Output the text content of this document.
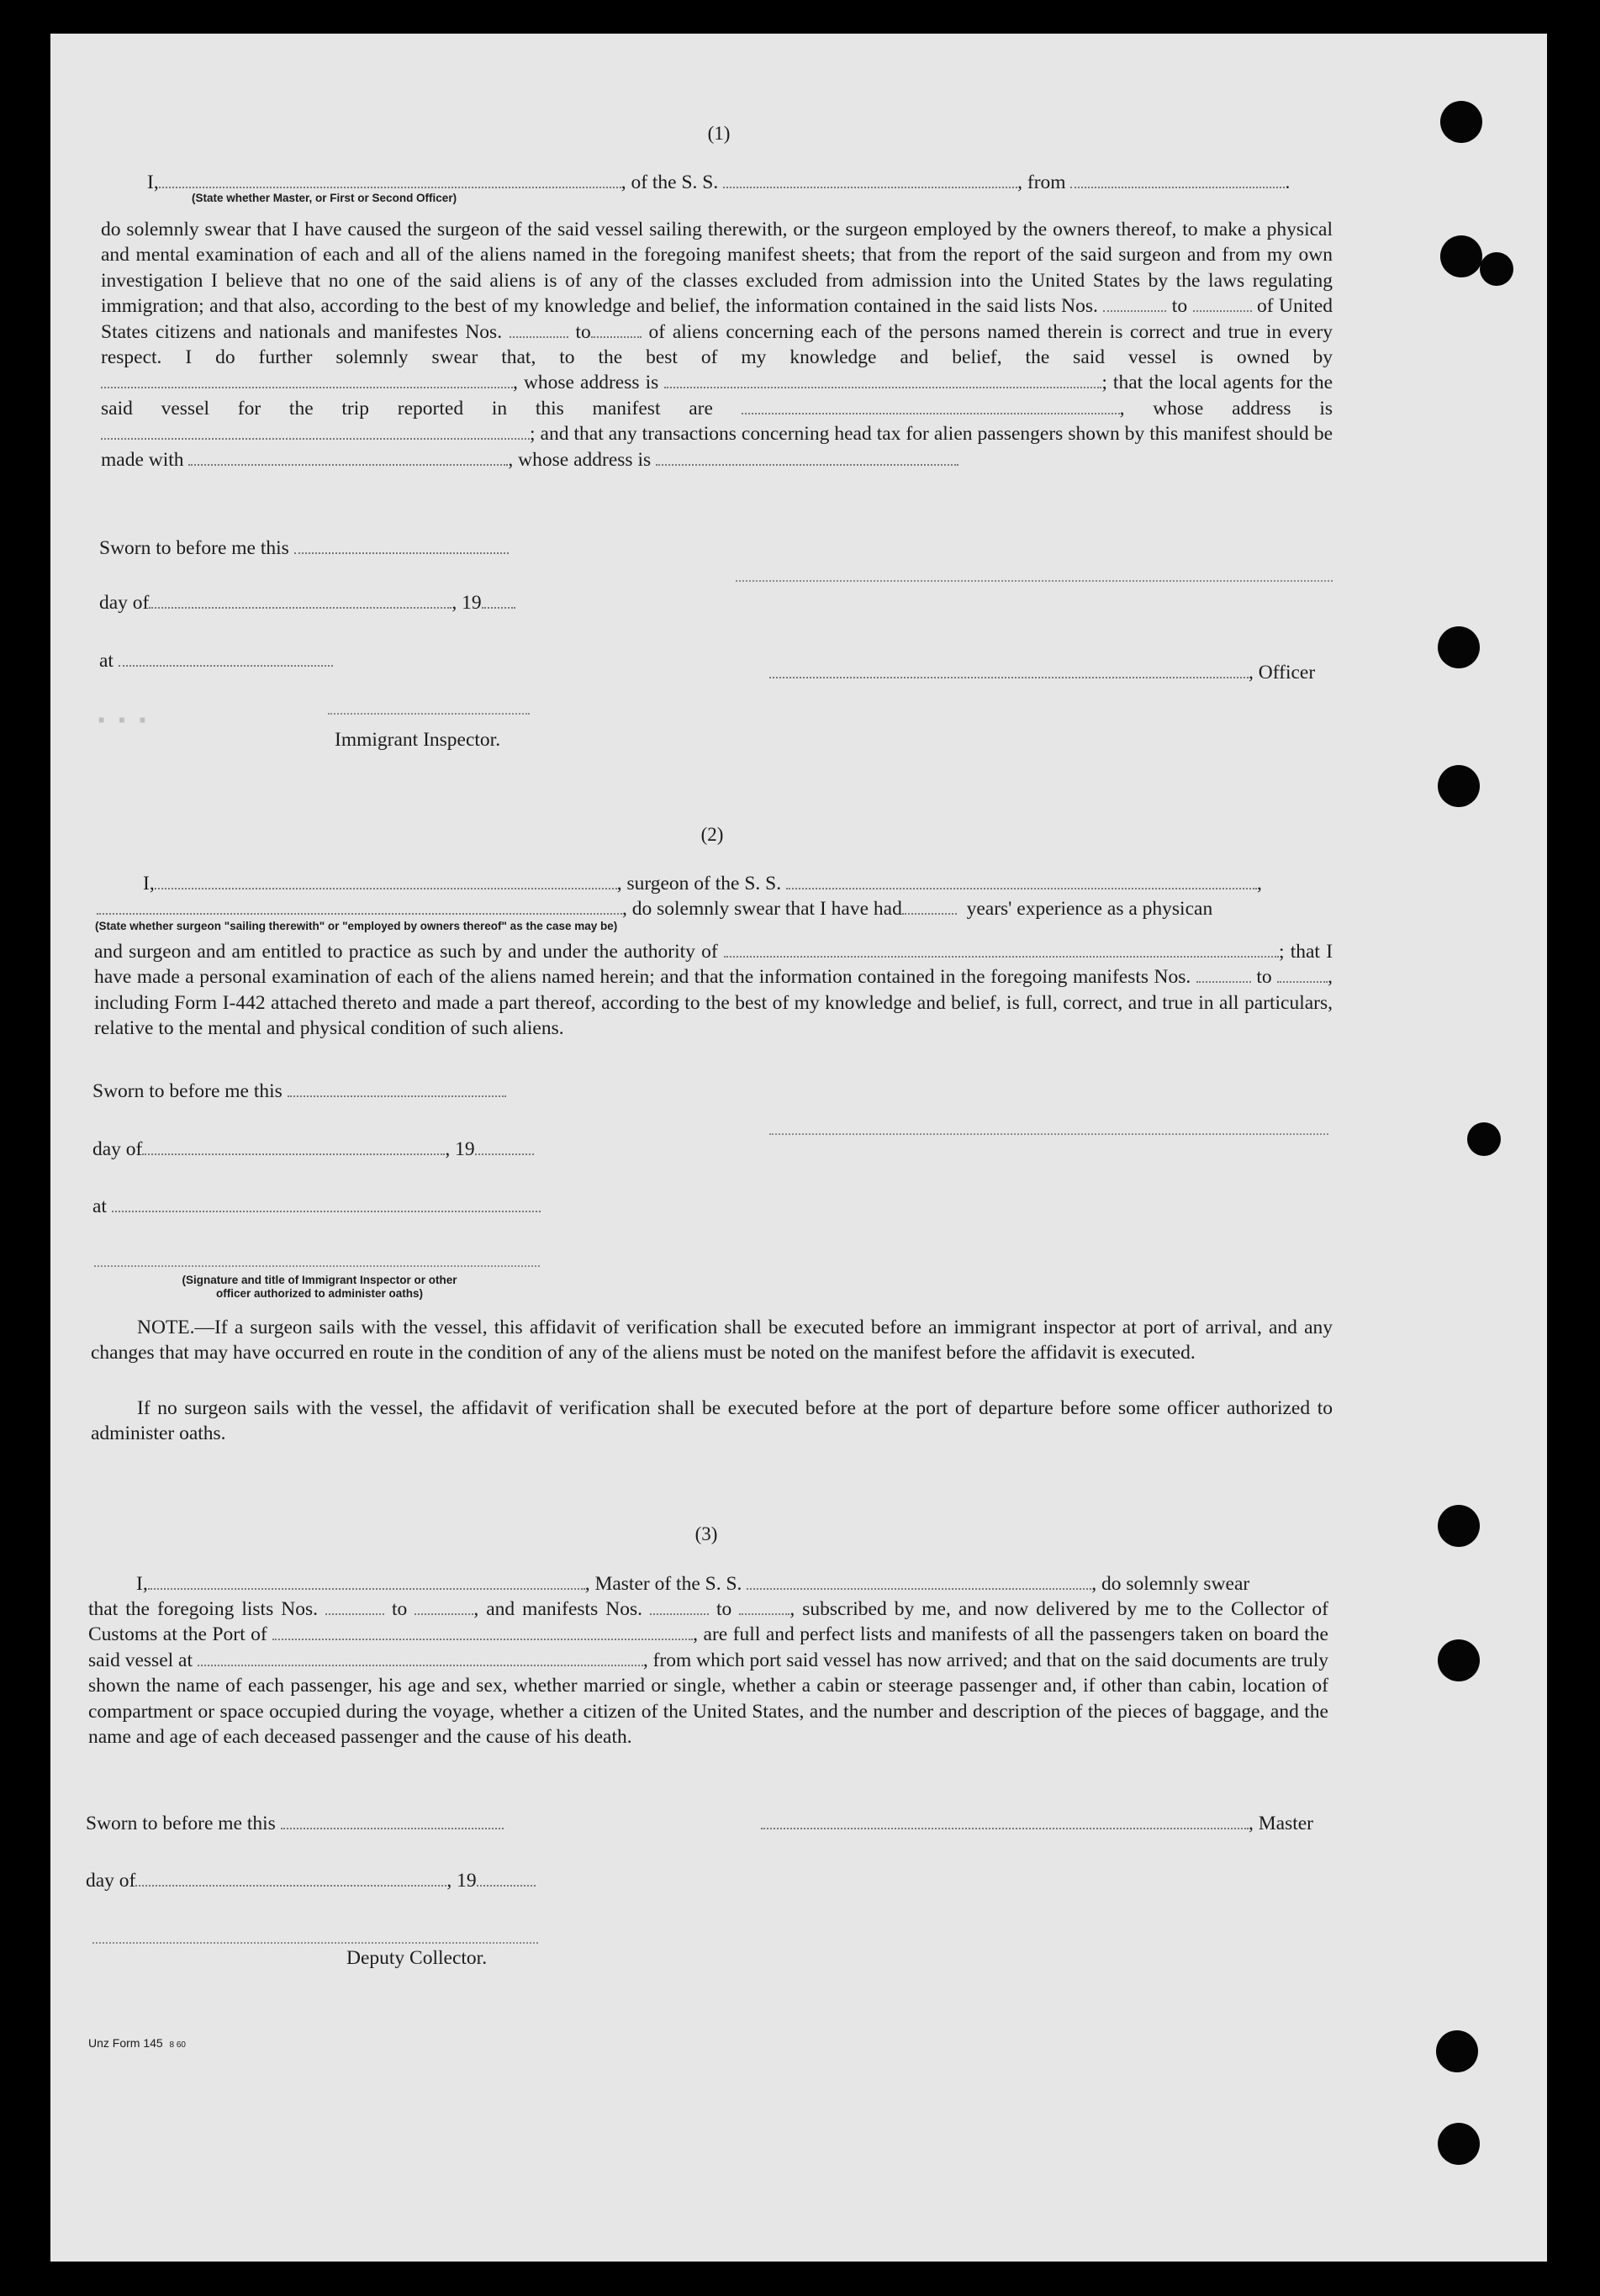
· · ·
(1)
I,	, of the S. S.	, from	.
(State whether Master, or First or Second Officer)

do solemnly swear that I have caused the surgeon of the said vessel sailing therewith, or the surgeon employed by the owners thereof, to make a physical and mental examination of each and all of the aliens named in the foregoing manifest sheets; that from the report of the said surgeon and from my own investigation I believe that no one of the said aliens is of any of the classes excluded from admission into the United States by the laws regulating immigration; and that also, according to the best of my knowledge and belief, the information contained in the said lists Nos.	to	of United States citizens and nationals and manifestes Nos.	to	of aliens concerning each of the persons named therein is correct and true in every respect. I do further solemnly swear that, to the best of my knowledge and belief, the said vessel is owned by , whose address is	; that the local agents for the said vessel for the trip reported in this manifest are	, whose address is ; and that any transactions concerning head tax for alien passengers shown by this manifest should be made with	, whose address is

Sworn to before me this
day of	, 19
at
, Officer
Immigrant Inspector.
(2)
I,	, surgeon of the S. S.	,
, do solemnly swear that I have had	years' experience as a physican
(State whether surgeon "sailing therewith" or "employed by owners thereof" as the case may be)

and surgeon and am entitled to practice as such by and under the authority of	; that I have made a personal examination of each of the aliens named herein; and that the information contained in the foregoing manifests Nos.	to	, including Form I-442 attached thereto and made a part thereof, according to the best of my knowledge and belief, is full, correct, and true in all particulars, relative to the mental and physical condition of such aliens.

Sworn to before me this
day of	, 19
at
(Signature and title of Immigrant Inspector or other
officer authorized to administer oaths)

NOTE.—If a surgeon sails with the vessel, this affidavit of verification shall be executed before an immigrant inspector at port of arrival, and any changes that may have occurred en route in the condition of any of the aliens must be noted on the manifest before the affidavit is executed.

If no surgeon sails with the vessel, the affidavit of verification shall be executed before at the port of departure before some officer authorized to administer oaths.

(3)
I,	, Master of the S. S.	, do solemnly swear

that the foregoing lists Nos.	to	, and manifests Nos.	to	, subscribed by me, and now delivered by me to the Collector of Customs at the Port of	, are full and perfect lists and manifests of all the passengers taken on board the said vessel at	, from which port said vessel has now arrived; and that on the said documents are truly shown the name of each passenger, his age and sex, whether married or single, whether a cabin or steerage passenger and, if other than cabin, location of compartment or space occupied during the voyage, whether a citizen of the United States, and the number and description of the pieces of baggage, and the name and age of each deceased passenger and the cause of his death.

Sworn to before me this	, Master
day of	, 19
Deputy Collector.
Unz Form 145 8 60
